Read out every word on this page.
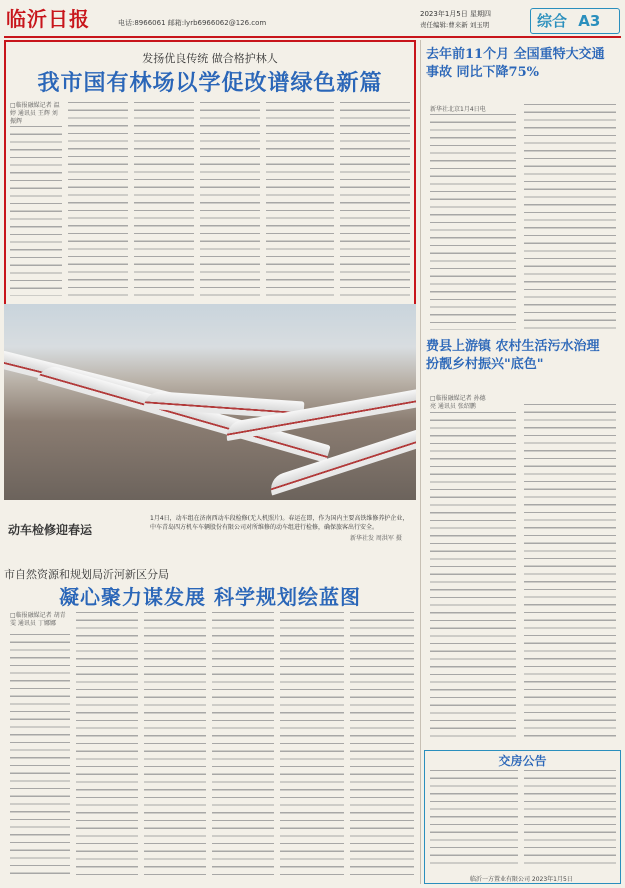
临沂日报	电话:8966061 邮箱:lyrb6966062@126.com
2023年1月5日 星期四
责任编辑:曹来新 刘玉明	综合 A3
发扬优良传统 做合格护林人
我市国有林场以学促改谱绿色新篇
□临报融媒记者 温 婷 通讯员 王辉 刘振辉
动车检修迎春运
1月4日，动车组在济南西动车段检修(无人机照片)。春运在即，作为国内主要高铁维修养护企业，中车青岛四方机车车辆股份有限公司对所维修的动车组进行检修，确保旅客出行安全。
新华社发 周洪军 摄
市自然资源和规划局沂河新区分局
凝心聚力谋发展 科学规划绘蓝图
□临报融媒记者 胡青雯 通讯员 丁娜娜
去年前11个月 全国重特大交通事故 同比下降75%
新华社北京1月4日电
费县上游镇 农村生活污水治理 扮靓乡村振兴"底色"
□临报融媒记者 孙德亮 通讯员 张绍鹏
交房公告
临沂一方置业有限公司 2023年1月5日
